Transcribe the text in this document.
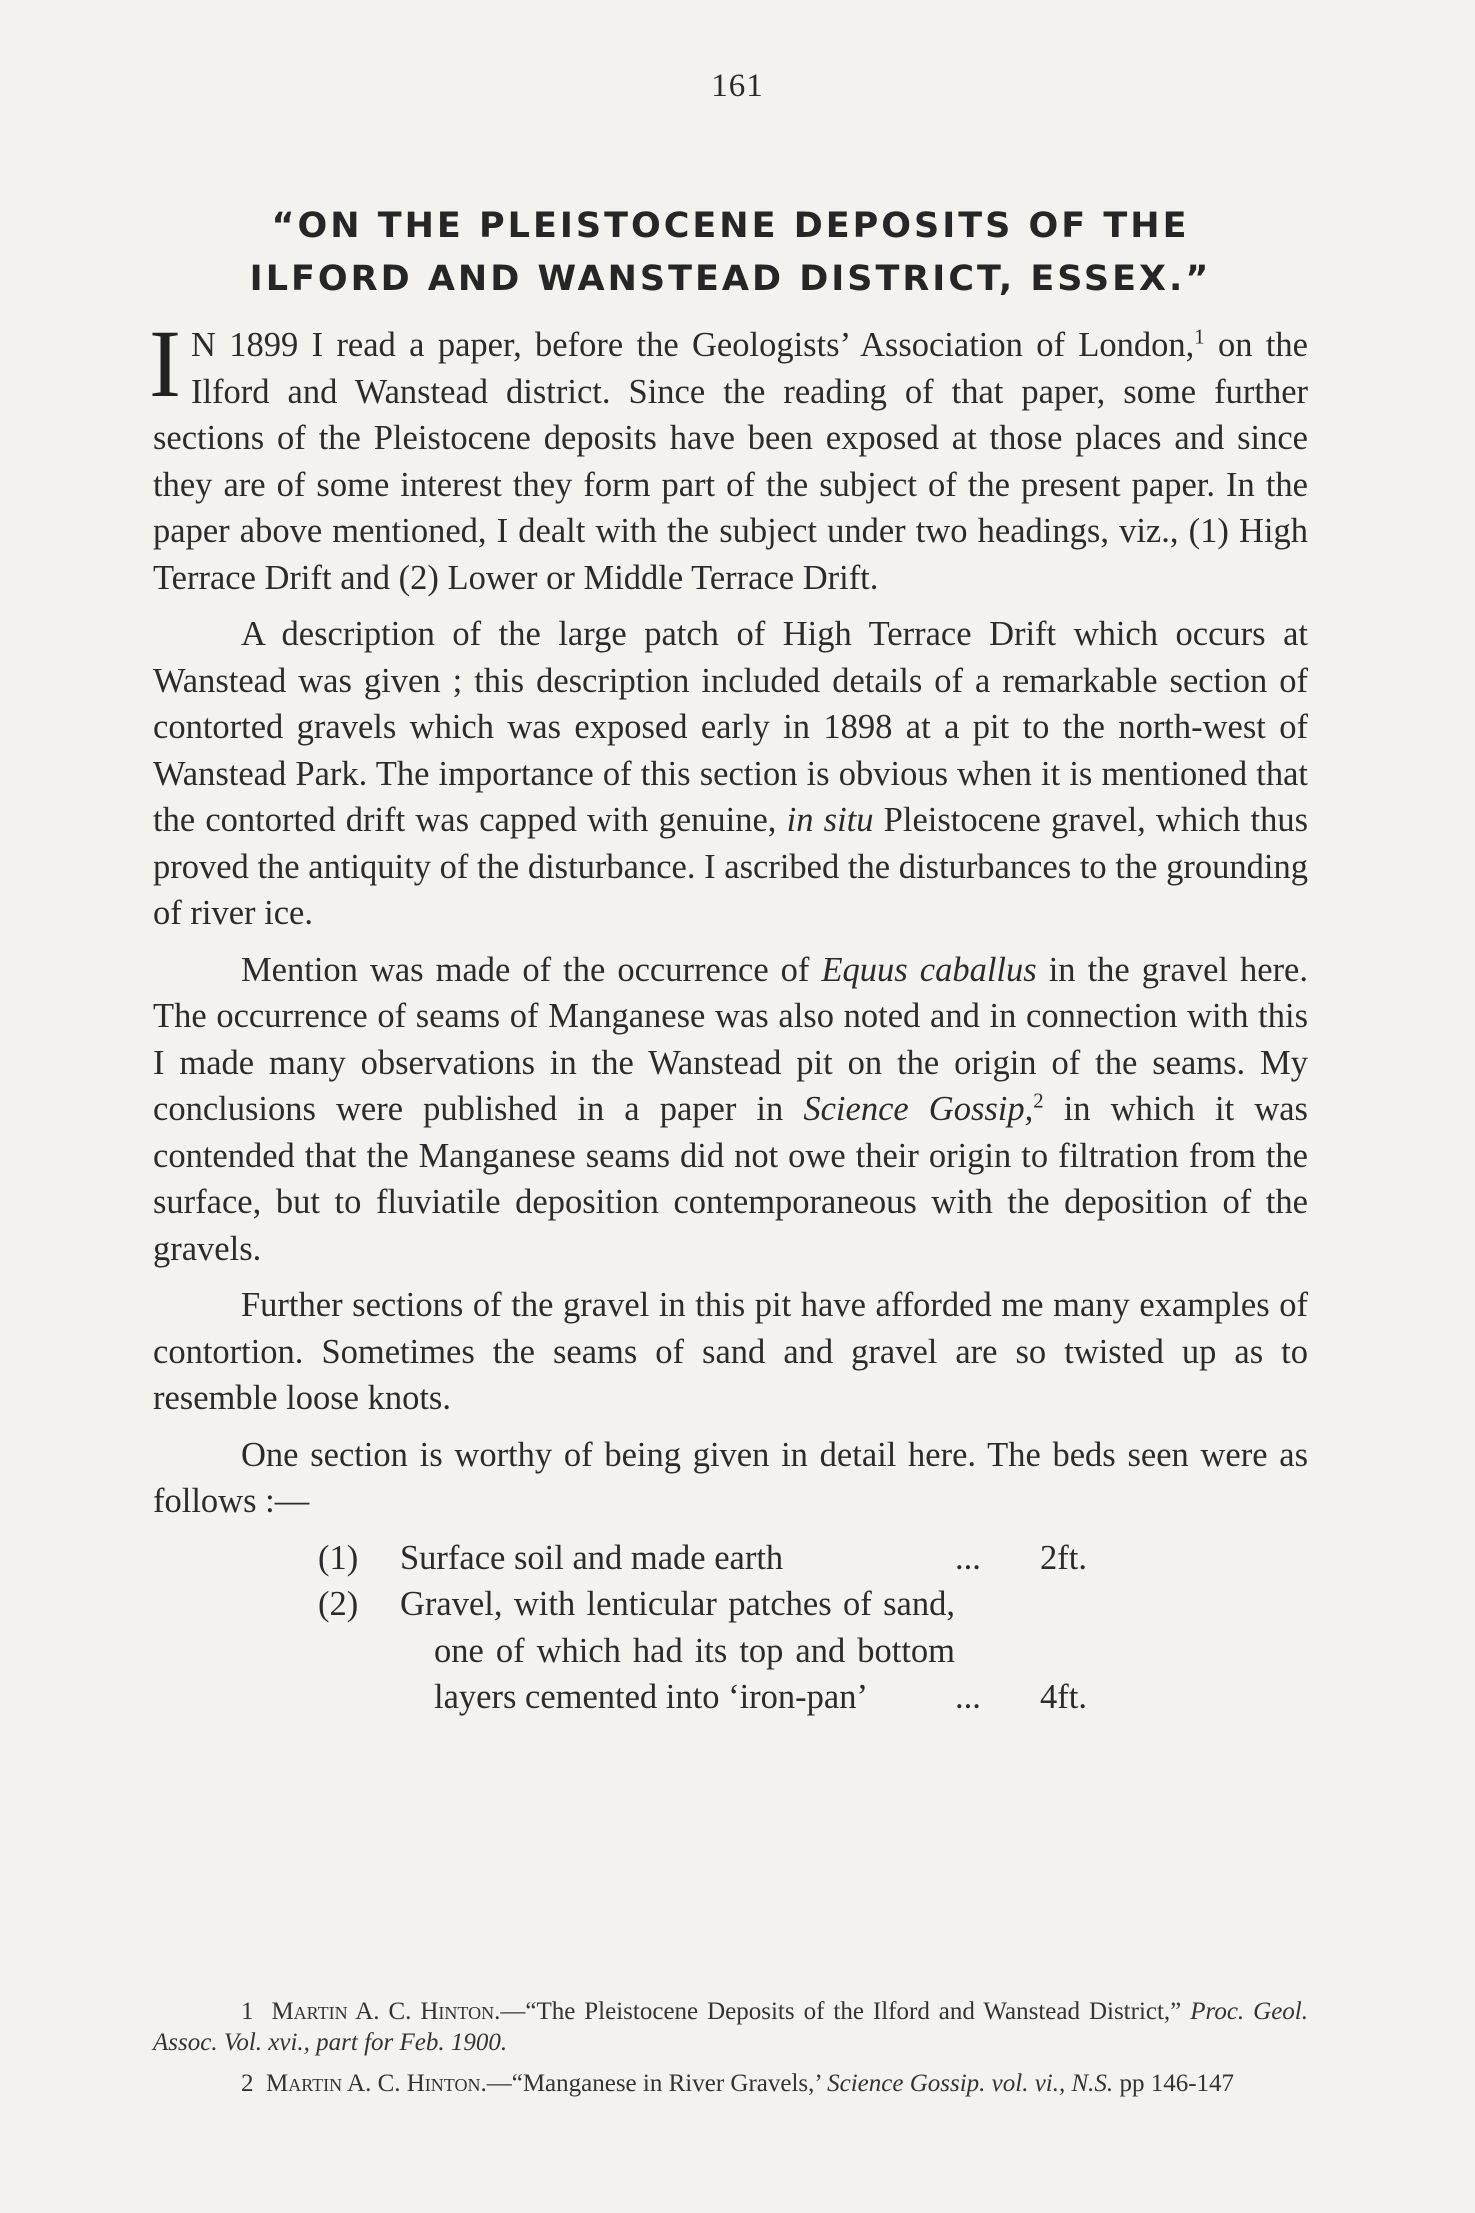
161
“ON THE PLEISTOCENE DEPOSITS OF THE
ILFORD AND WANSTEAD DISTRICT, ESSEX.”

I N 1899 I read a paper, before the Geologists’ Association of London,$^1$ on the Ilford and Wanstead district. Since the reading of that paper, some further sections of the Pleistocene deposits have been exposed at those places and since they are of some interest they form part of the subject of the present paper. In the paper above mentioned, I dealt with the subject under two headings, viz., (1) High Terrace Drift and (2) Lower or Middle Terrace Drift.

A description of the large patch of High Terrace Drift which occurs at Wanstead was given ; this description included details of a remarkable section of contorted gravels which was exposed early in 1898 at a pit to the north-west of Wanstead Park. The importance of this section is obvious when it is mentioned that the contorted drift was capped with genuine, in situ Pleistocene gravel, which thus proved the antiquity of the disturbance. I ascribed the disturbances to the grounding of river ice.

Mention was made of the occurrence of Equus caballus in the gravel here. The occurrence of seams of Manganese was also noted and in connection with this I made many observations in the Wanstead pit on the origin of the seams. My conclusions were published in a paper in Science Gossip,$^2$ in which it was contended that the Manganese seams did not owe their origin to filtration from the surface, but to fluviatile deposition contemporaneous with the deposition of the gravels.

Further sections of the gravel in this pit have afforded me many examples of contortion. Sometimes the seams of sand and gravel are so twisted up as to resemble loose knots.

One section is worthy of being given in detail here. The beds seen were as follows :—

(1)	Surface soil and made earth	...	2ft.
(2)	Gravel, with lenticular patches of sand, one of which had its top and bottom layers cemented into ‘iron-pan’	...	4ft.

1 Martin A. C. Hinton.—“The Pleistocene Deposits of the Ilford and Wanstead District,” Proc. Geol. Assoc. Vol. xvi., part for Feb. 1900.

2 Martin A. C. Hinton.—“Manganese in River Gravels,’ Science Gossip. vol. vi., N.S. pp 146-147
